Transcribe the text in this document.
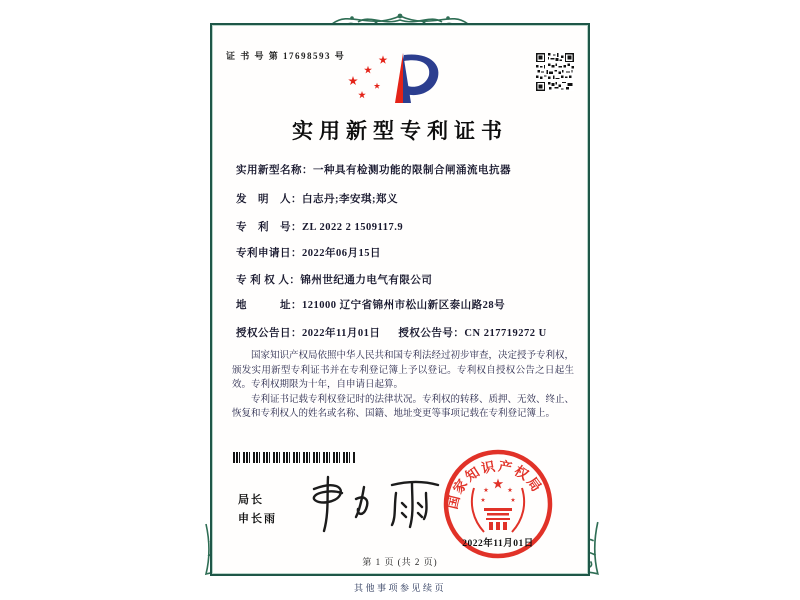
证 书 号 第 17698593 号
实用新型专利证书
实用新型名称：一种具有检测功能的限制合闸涌流电抗器
发　明　人：白志丹;李安琪;郑义
专　利　号：ZL 2022 2 1509117.9
专利申请日：2022年06月15日
专 利 权 人：锦州世纪通力电气有限公司
地　　　址：121000 辽宁省锦州市松山新区泰山路28号
授权公告日：2022年11月01日 授权公告号：CN 217719272 U

国家知识产权局依照中华人民共和国专利法经过初步审查，决定授予专利权，颁发实用新型专利证书并在专利登记簿上予以登记。专利权自授权公告之日起生效。专利权期限为十年，自申请日起算。

专利证书记载专利权登记时的法律状况。专利权的转移、质押、无效、终止、恢复和专利权人的姓名或名称、国籍、地址变更等事项记载在专利登记簿上。

局长
申长雨
国家知识产权局
2022年11月01日
第 1 页 (共 2 页)
其他事项参见续页
